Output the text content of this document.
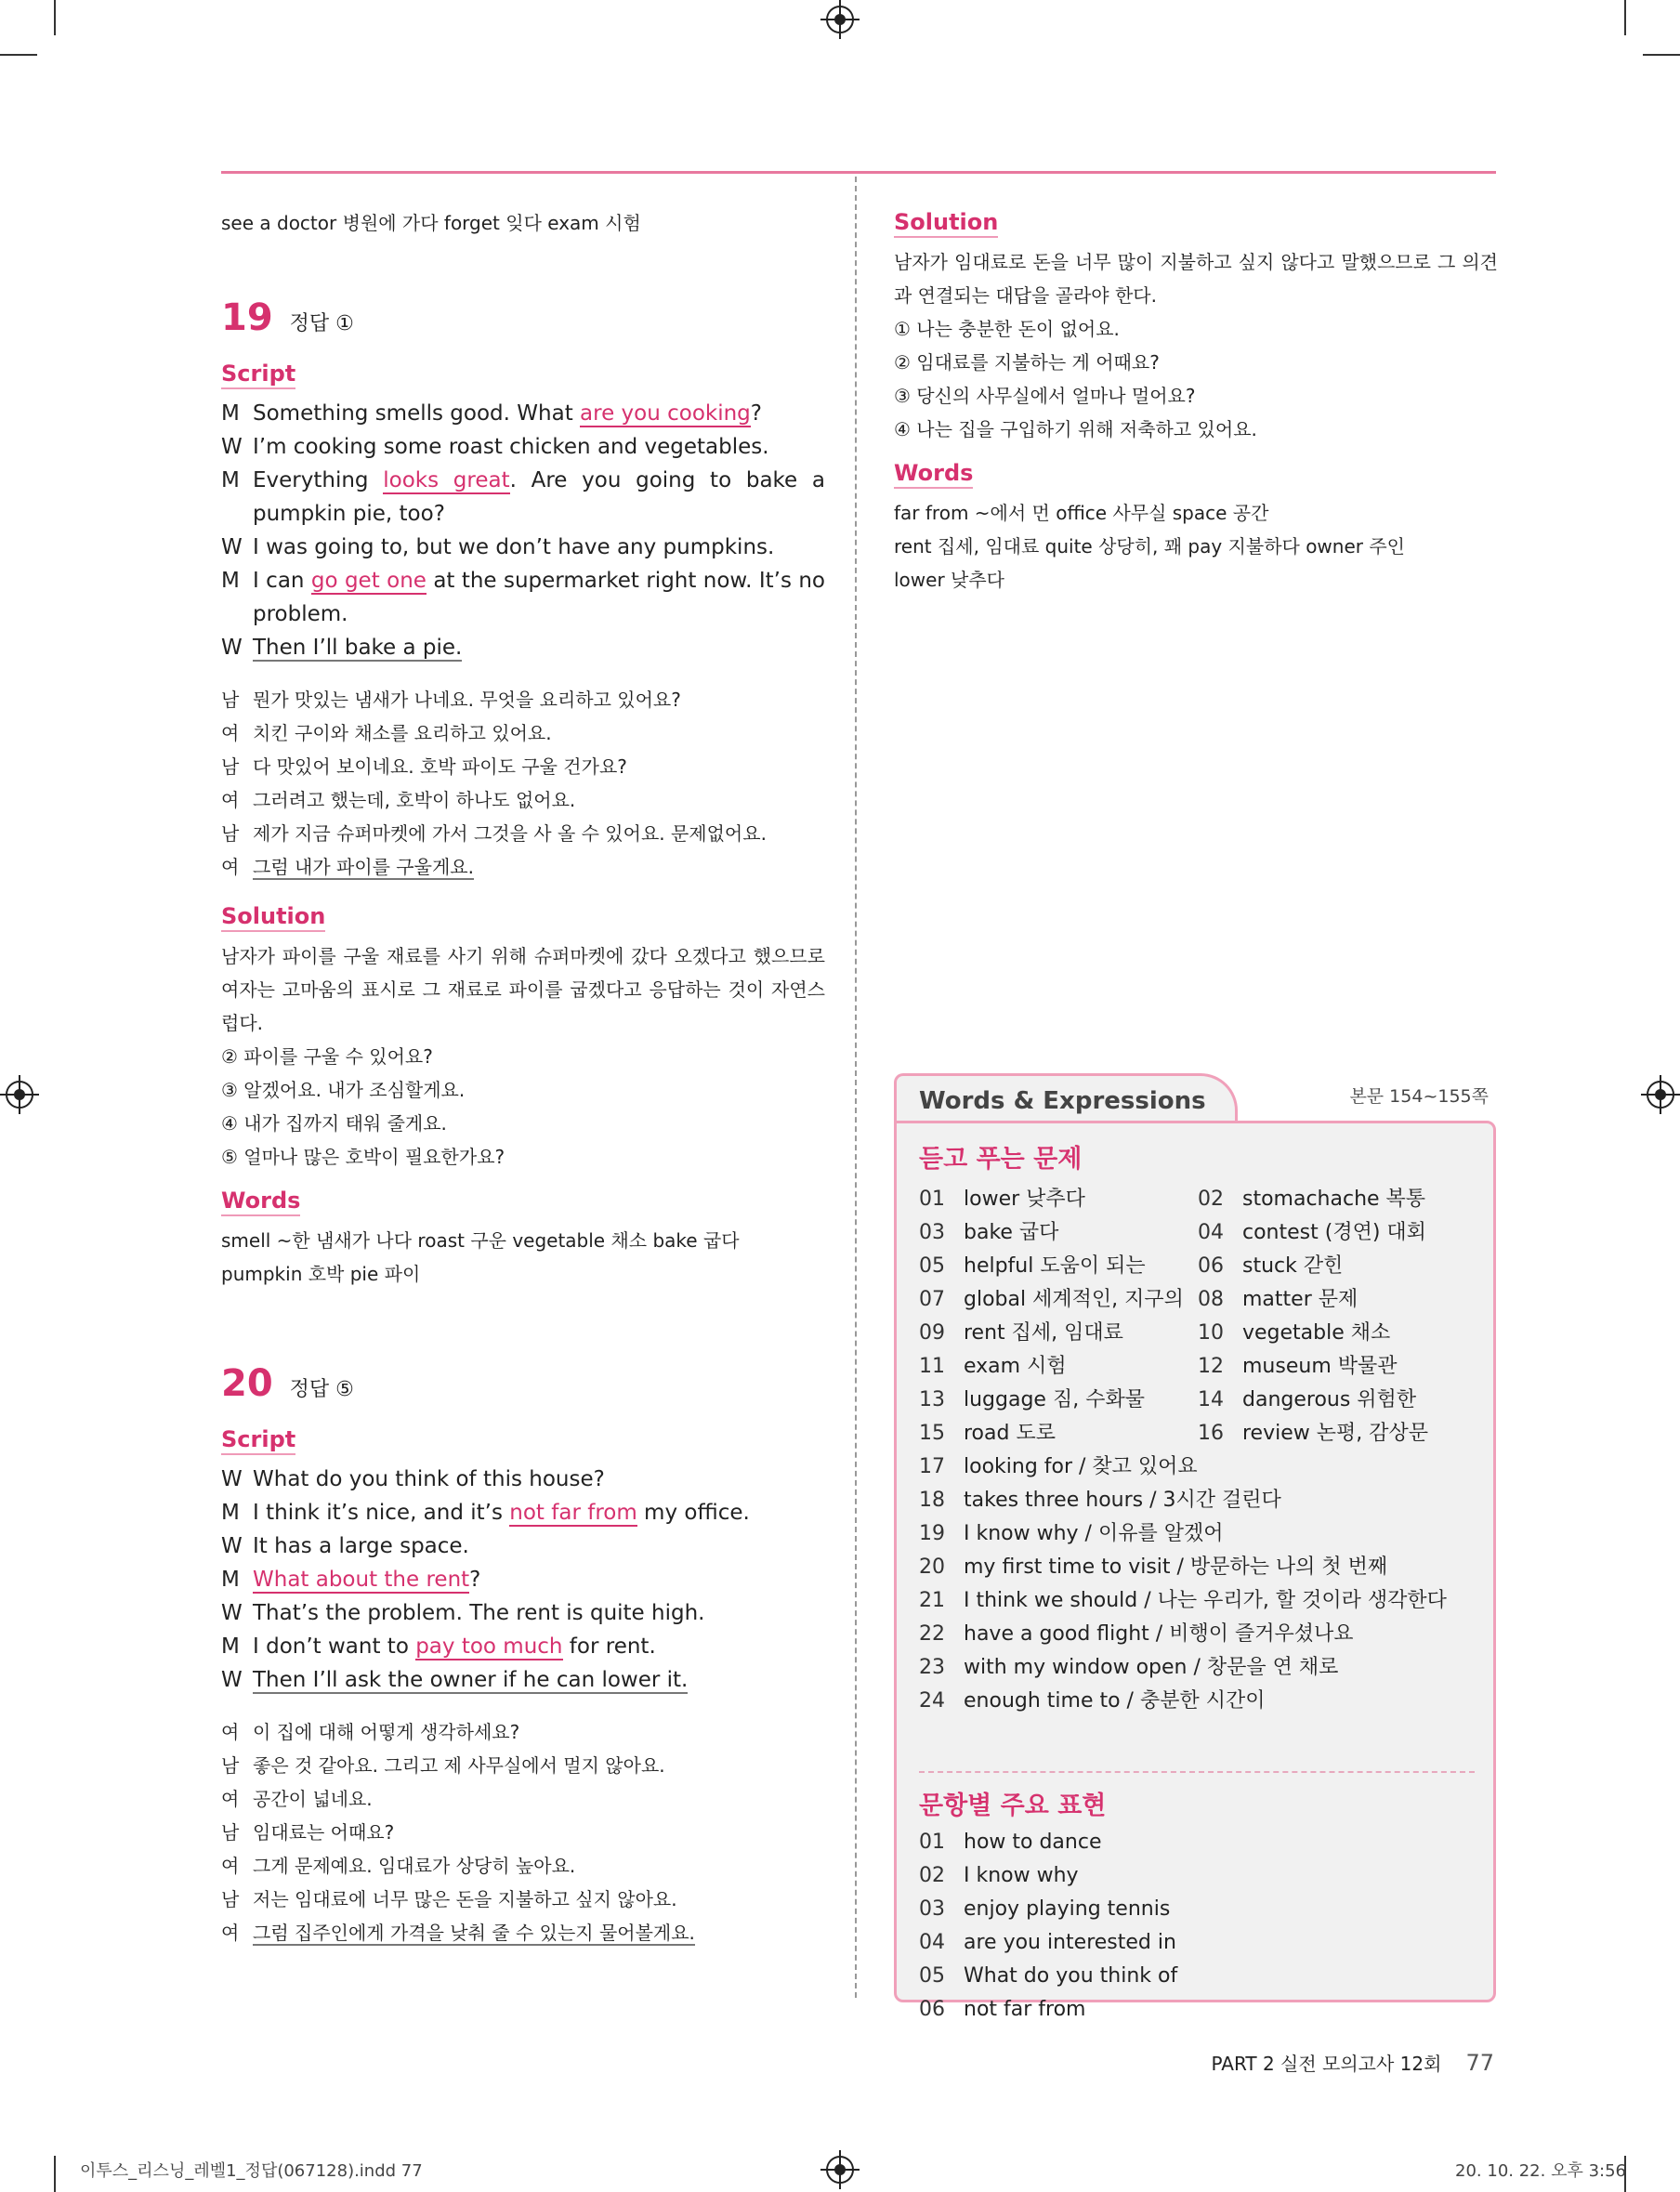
see a doctor 병원에 가다 forget 잊다 exam 시험
19 정답 ①
Script
M Something smells good. What are you cooking?
W I’m cooking some roast chicken and vegetables.
M Everything looks great. Are you going to bake a pumpkin pie, too?
W I was going to, but we don’t have any pumpkins.
M I can go get one at the supermarket right now. It’s no problem.
W Then I’ll bake a pie.
남 뭔가 맛있는 냄새가 나네요. 무엇을 요리하고 있어요?
여 치킨 구이와 채소를 요리하고 있어요.
남 다 맛있어 보이네요. 호박 파이도 구울 건가요?
여 그러려고 했는데, 호박이 하나도 없어요.
남 제가 지금 슈퍼마켓에 가서 그것을 사 올 수 있어요. 문제없어요.
여 그럼 내가 파이를 구울게요.
Solution
남자가 파이를 구울 재료를 사기 위해 슈퍼마켓에 갔다 오겠다고 했으므로 여자는 고마움의 표시로 그 재료로 파이를 굽겠다고 응답하는 것이 자연스럽다.
② 파이를 구울 수 있어요?
③ 알겠어요. 내가 조심할게요.
④ 내가 집까지 태워 줄게요.
⑤ 얼마나 많은 호박이 필요한가요?
Words
smell ~한 냄새가 나다 roast 구운 vegetable 채소 bake 굽다
pumpkin 호박 pie 파이
20 정답 ⑤
Script
W What do you think of this house?
M I think it’s nice, and it’s not far from my office.
W It has a large space.
M What about the rent?
W That’s the problem. The rent is quite high.
M I don’t want to pay too much for rent.
W Then I’ll ask the owner if he can lower it.
여 이 집에 대해 어떻게 생각하세요?
남 좋은 것 같아요. 그리고 제 사무실에서 멀지 않아요.
여 공간이 넓네요.
남 임대료는 어때요?
여 그게 문제예요. 임대료가 상당히 높아요.
남 저는 임대료에 너무 많은 돈을 지불하고 싶지 않아요.
여 그럼 집주인에게 가격을 낮춰 줄 수 있는지 물어볼게요.
Solution
남자가 임대료로 돈을 너무 많이 지불하고 싶지 않다고 말했으므로 그 의견과 연결되는 대답을 골라야 한다.
① 나는 충분한 돈이 없어요.
② 임대료를 지불하는 게 어때요?
③ 당신의 사무실에서 얼마나 멀어요?
④ 나는 집을 구입하기 위해 저축하고 있어요.
Words
far from ~에서 먼 office 사무실 space 공간
rent 집세, 임대료 quite 상당히, 꽤 pay 지불하다 owner 주인
lower 낮추다
Words & Expressions	본문 154~155쪽
듣고 푸는 문제
01 lower 낮추다	02 stomachache 복통
03 bake 굽다	04 contest (경연) 대회
05 helpful 도움이 되는	06 stuck 갇힌
07 global 세계적인, 지구의 08 matter 문제
09 rent 집세, 임대료	10 vegetable 채소
11 exam 시험	12 museum 박물관
13 luggage 짐, 수화물	14 dangerous 위험한
15 road 도로	16 review 논평, 감상문
17 looking for / 찾고 있어요
18 takes three hours / 3시간 걸린다
19 I know why / 이유를 알겠어
20 my first time to visit / 방문하는 나의 첫 번째
21 I think we should / 나는 우리가, 할 것이라 생각한다
22 have a good flight / 비행이 즐거우셨나요
23 with my window open / 창문을 연 채로
24 enough time to / 충분한 시간이
문항별 주요 표현
01 how to dance
02 I know why
03 enjoy playing tennis
04 are you interested in
05 What do you think of
06 not far from
PART 2 실전 모의고사 12회 77
이투스_리스닝_레벨1_정답(067128).indd 77	20. 10. 22. 오후 3:56
